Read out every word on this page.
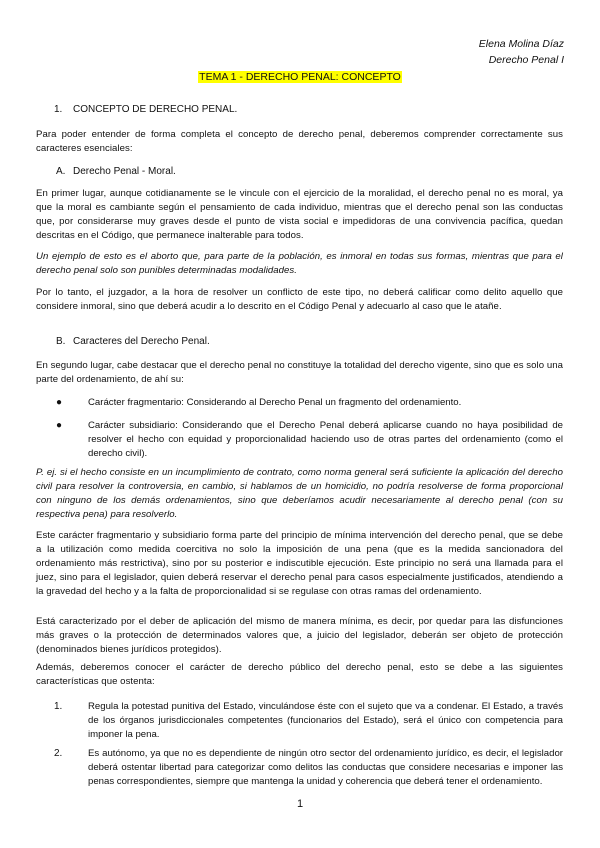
Elena Molina Díaz
Derecho Penal I
TEMA 1 - DERECHO PENAL: CONCEPTO
1. CONCEPTO DE DERECHO PENAL.
Para poder entender de forma completa el concepto de derecho penal, deberemos comprender correctamente sus caracteres esenciales:
A. Derecho Penal - Moral.
En primer lugar, aunque cotidianamente se le vincule con el ejercicio de la moralidad, el derecho penal no es moral, ya que la moral es cambiante según el pensamiento de cada individuo, mientras que el derecho penal son las conductas que, por considerarse muy graves desde el punto de vista social e impedidoras de una convivencia pacífica, quedan descritas en el Código, que permanece inalterable para todos.
Un ejemplo de esto es el aborto que, para parte de la población, es inmoral en todas sus formas, mientras que para el derecho penal solo son punibles determinadas modalidades.
Por lo tanto, el juzgador, a la hora de resolver un conflicto de este tipo, no deberá calificar como delito aquello que considere inmoral, sino que deberá acudir a lo descrito en el Código Penal y adecuarlo al caso que le atañe.
B. Caracteres del Derecho Penal.
En segundo lugar, cabe destacar que el derecho penal no constituye la totalidad del derecho vigente, sino que es solo una parte del ordenamiento, de ahí su:
●	Carácter fragmentario: Considerando al Derecho Penal un fragmento del ordenamiento.
●	Carácter subsidiario: Considerando que el Derecho Penal deberá aplicarse cuando no haya posibilidad de resolver el hecho con equidad y proporcionalidad haciendo uso de otras partes del ordenamiento (como el derecho civil).
P. ej. si el hecho consiste en un incumplimiento de contrato, como norma general será suficiente la aplicación del derecho civil para resolver la controversia, en cambio, si hablamos de un homicidio, no podría resolverse de forma proporcional con ninguno de los demás ordenamientos, sino que deberíamos acudir necesariamente al derecho penal (con su respectiva pena) para resolverlo.
Este carácter fragmentario y subsidiario forma parte del principio de mínima intervención del derecho penal, que se debe a la utilización como medida coercitiva no solo la imposición de una pena (que es la medida sancionadora del ordenamiento más restrictiva), sino por su posterior e indiscutible ejecución. Este principio no será una llamada para el juez, sino para el legislador, quien deberá reservar el derecho penal para casos especialmente justificados, atendiendo a la gravedad del hecho y a la falta de proporcionalidad si se regulase con otras ramas del ordenamiento.
Está caracterizado por el deber de aplicación del mismo de manera mínima, es decir, por quedar para las disfunciones más graves o la protección de determinados valores que, a juicio del legislador, deberán ser objeto de protección (denominados bienes jurídicos protegidos).
Además, deberemos conocer el carácter de derecho público del derecho penal, esto se debe a las siguientes características que ostenta:
1.	Regula la potestad punitiva del Estado, vinculándose éste con el sujeto que va a condenar. El Estado, a través de los órganos jurisdiccionales competentes (funcionarios del Estado), será el único con competencia para imponer la pena.
2.	Es autónomo, ya que no es dependiente de ningún otro sector del ordenamiento jurídico, es decir, el legislador deberá ostentar libertad para categorizar como delitos las conductas que considere necesarias e imponer las penas correspondientes, siempre que mantenga la unidad y coherencia que deberá tener el ordenamiento.
1
